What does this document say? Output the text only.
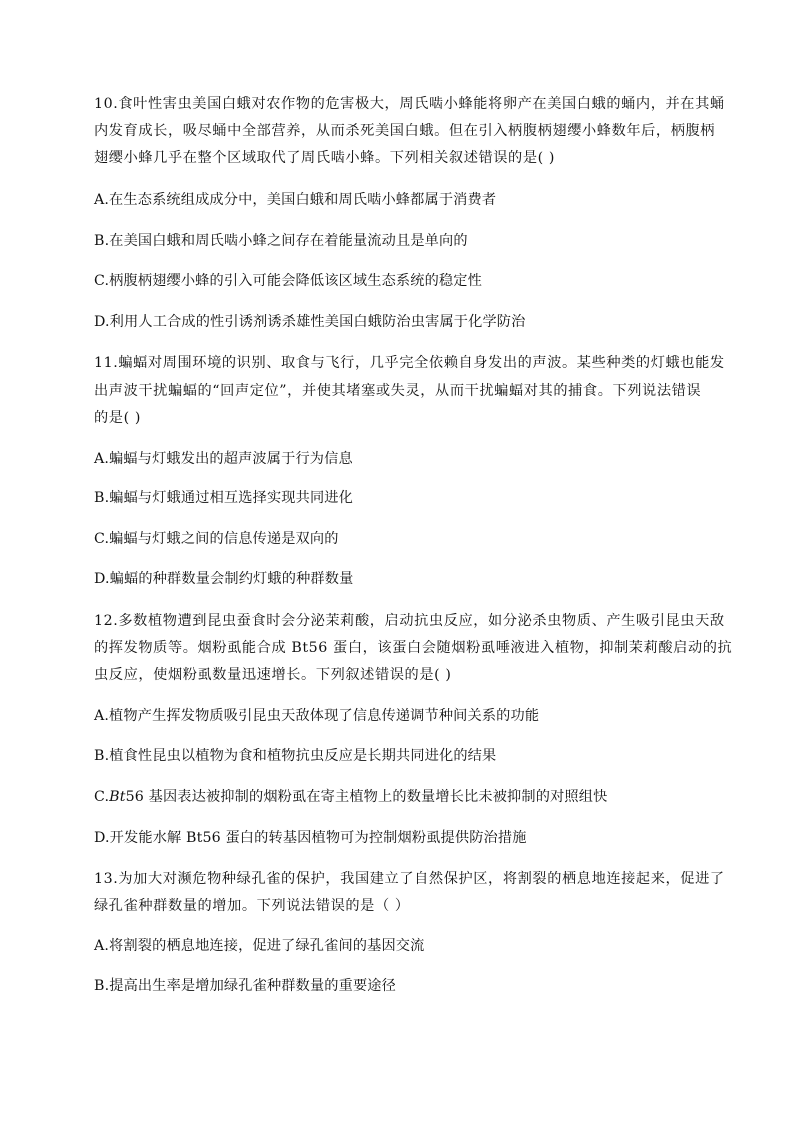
10.食叶性害虫美国白蛾对农作物的危害极大，周氏啮小蜂能将卵产在美国白蛾的蛹内，并在其蛹
内发育成长，吸尽蛹中全部营养，从而杀死美国白蛾。但在引入柄腹柄翅缨小蜂数年后，柄腹柄
翅缨小蜂几乎在整个区域取代了周氏啮小蜂。下列相关叙述错误的是( )
A.在生态系统组成成分中，美国白蛾和周氏啮小蜂都属于消费者
B.在美国白蛾和周氏啮小蜂之间存在着能量流动且是单向的
C.柄腹柄翅缨小蜂的引入可能会降低该区域生态系统的稳定性
D.利用人工合成的性引诱剂诱杀雄性美国白蛾防治虫害属于化学防治
11.蝙蝠对周围环境的识别、取食与飞行，几乎完全依赖自身发出的声波。某些种类的灯蛾也能发
出声波干扰蝙蝠的“回声定位”，并使其堵塞或失灵，从而干扰蝙蝠对其的捕食。下列说法错误
的是( )
A.蝙蝠与灯蛾发出的超声波属于行为信息
B.蝙蝠与灯蛾通过相互选择实现共同进化
C.蝙蝠与灯蛾之间的信息传递是双向的
D.蝙蝠的种群数量会制约灯蛾的种群数量
12.多数植物遭到昆虫蚕食时会分泌茉莉酸，启动抗虫反应，如分泌杀虫物质、产生吸引昆虫天敌
的挥发物质等。烟粉虱能合成 Bt56 蛋白，该蛋白会随烟粉虱唾液进入植物，抑制茉莉酸启动的抗
虫反应，使烟粉虱数量迅速增长。下列叙述错误的是( )
A.植物产生挥发物质吸引昆虫天敌体现了信息传递调节种间关系的功能
B.植食性昆虫以植物为食和植物抗虫反应是长期共同进化的结果
C.Bt56 基因表达被抑制的烟粉虱在寄主植物上的数量增长比未被抑制的对照组快
D.开发能水解 Bt56 蛋白的转基因植物可为控制烟粉虱提供防治措施
13.为加大对濒危物种绿孔雀的保护，我国建立了自然保护区，将割裂的栖息地连接起来，促进了
绿孔雀种群数量的增加。下列说法错误的是（ ）
A.将割裂的栖息地连接，促进了绿孔雀间的基因交流
B.提高出生率是增加绿孔雀种群数量的重要途径
